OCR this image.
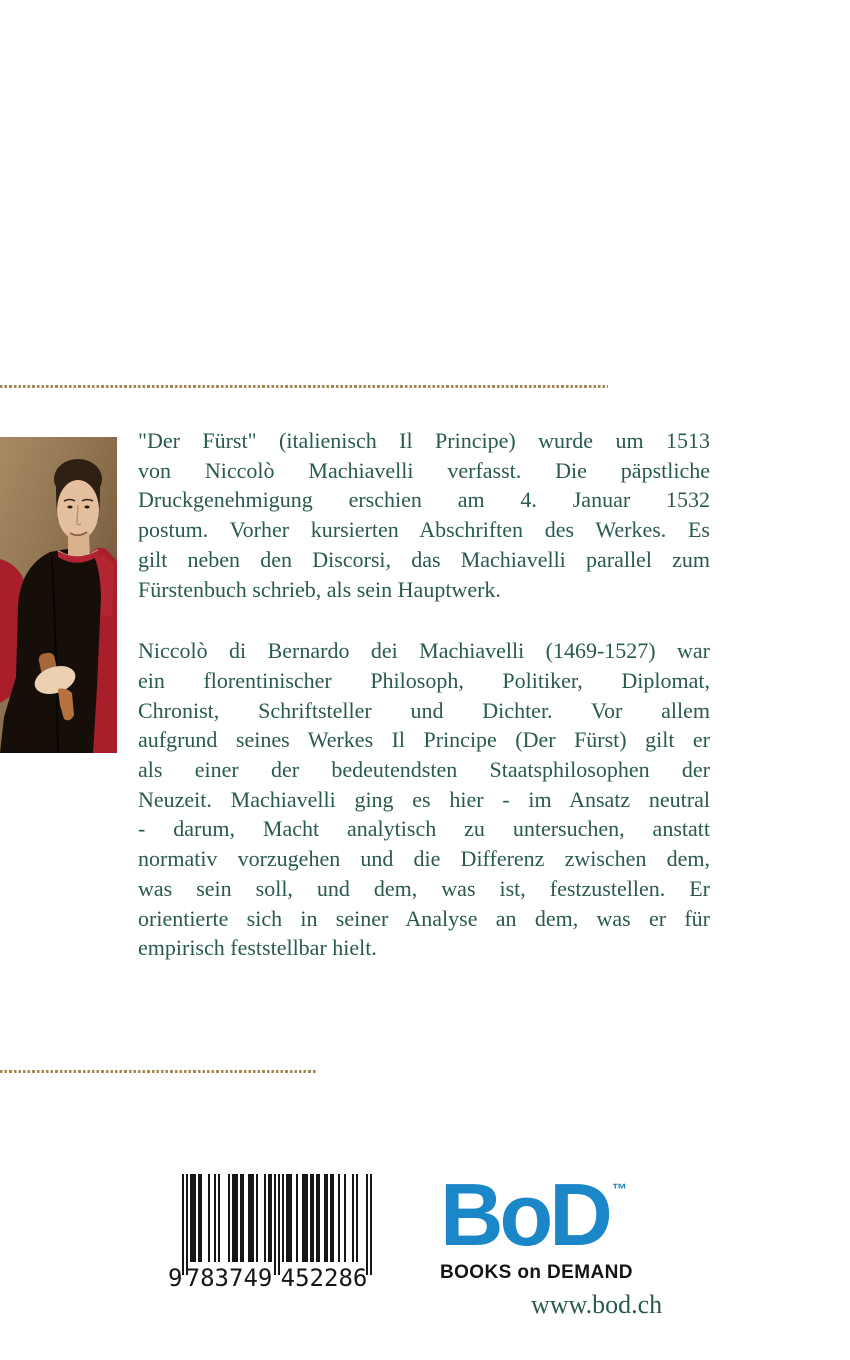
"Der Fürst" (italienisch Il Principe) wurde um 1513
von Niccolò Machiavelli verfasst. Die päpstliche
Druckgenehmigung erschien am 4. Januar 1532
postum. Vorher kursierten Abschriften des Werkes. Es
gilt neben den Discorsi, das Machiavelli parallel zum
Fürstenbuch schrieb, als sein Hauptwerk.
Niccolò di Bernardo dei Machiavelli (1469-1527) war
ein florentinischer Philosoph, Politiker, Diplomat,
Chronist, Schriftsteller und Dichter. Vor allem
aufgrund seines Werkes Il Principe (Der Fürst) gilt er
als einer der bedeutendsten Staatsphilosophen der
Neuzeit. Machiavelli ging es hier - im Ansatz neutral
- darum, Macht analytisch zu untersuchen, anstatt
normativ vorzugehen und die Differenz zwischen dem,
was sein soll, und dem, was ist, festzustellen. Er
orientierte sich in seiner Analyse an dem, was er für
empirisch feststellbar hielt.
9 783749 452286
BoD ™
BOOKS on DEMAND
www.bod.ch
